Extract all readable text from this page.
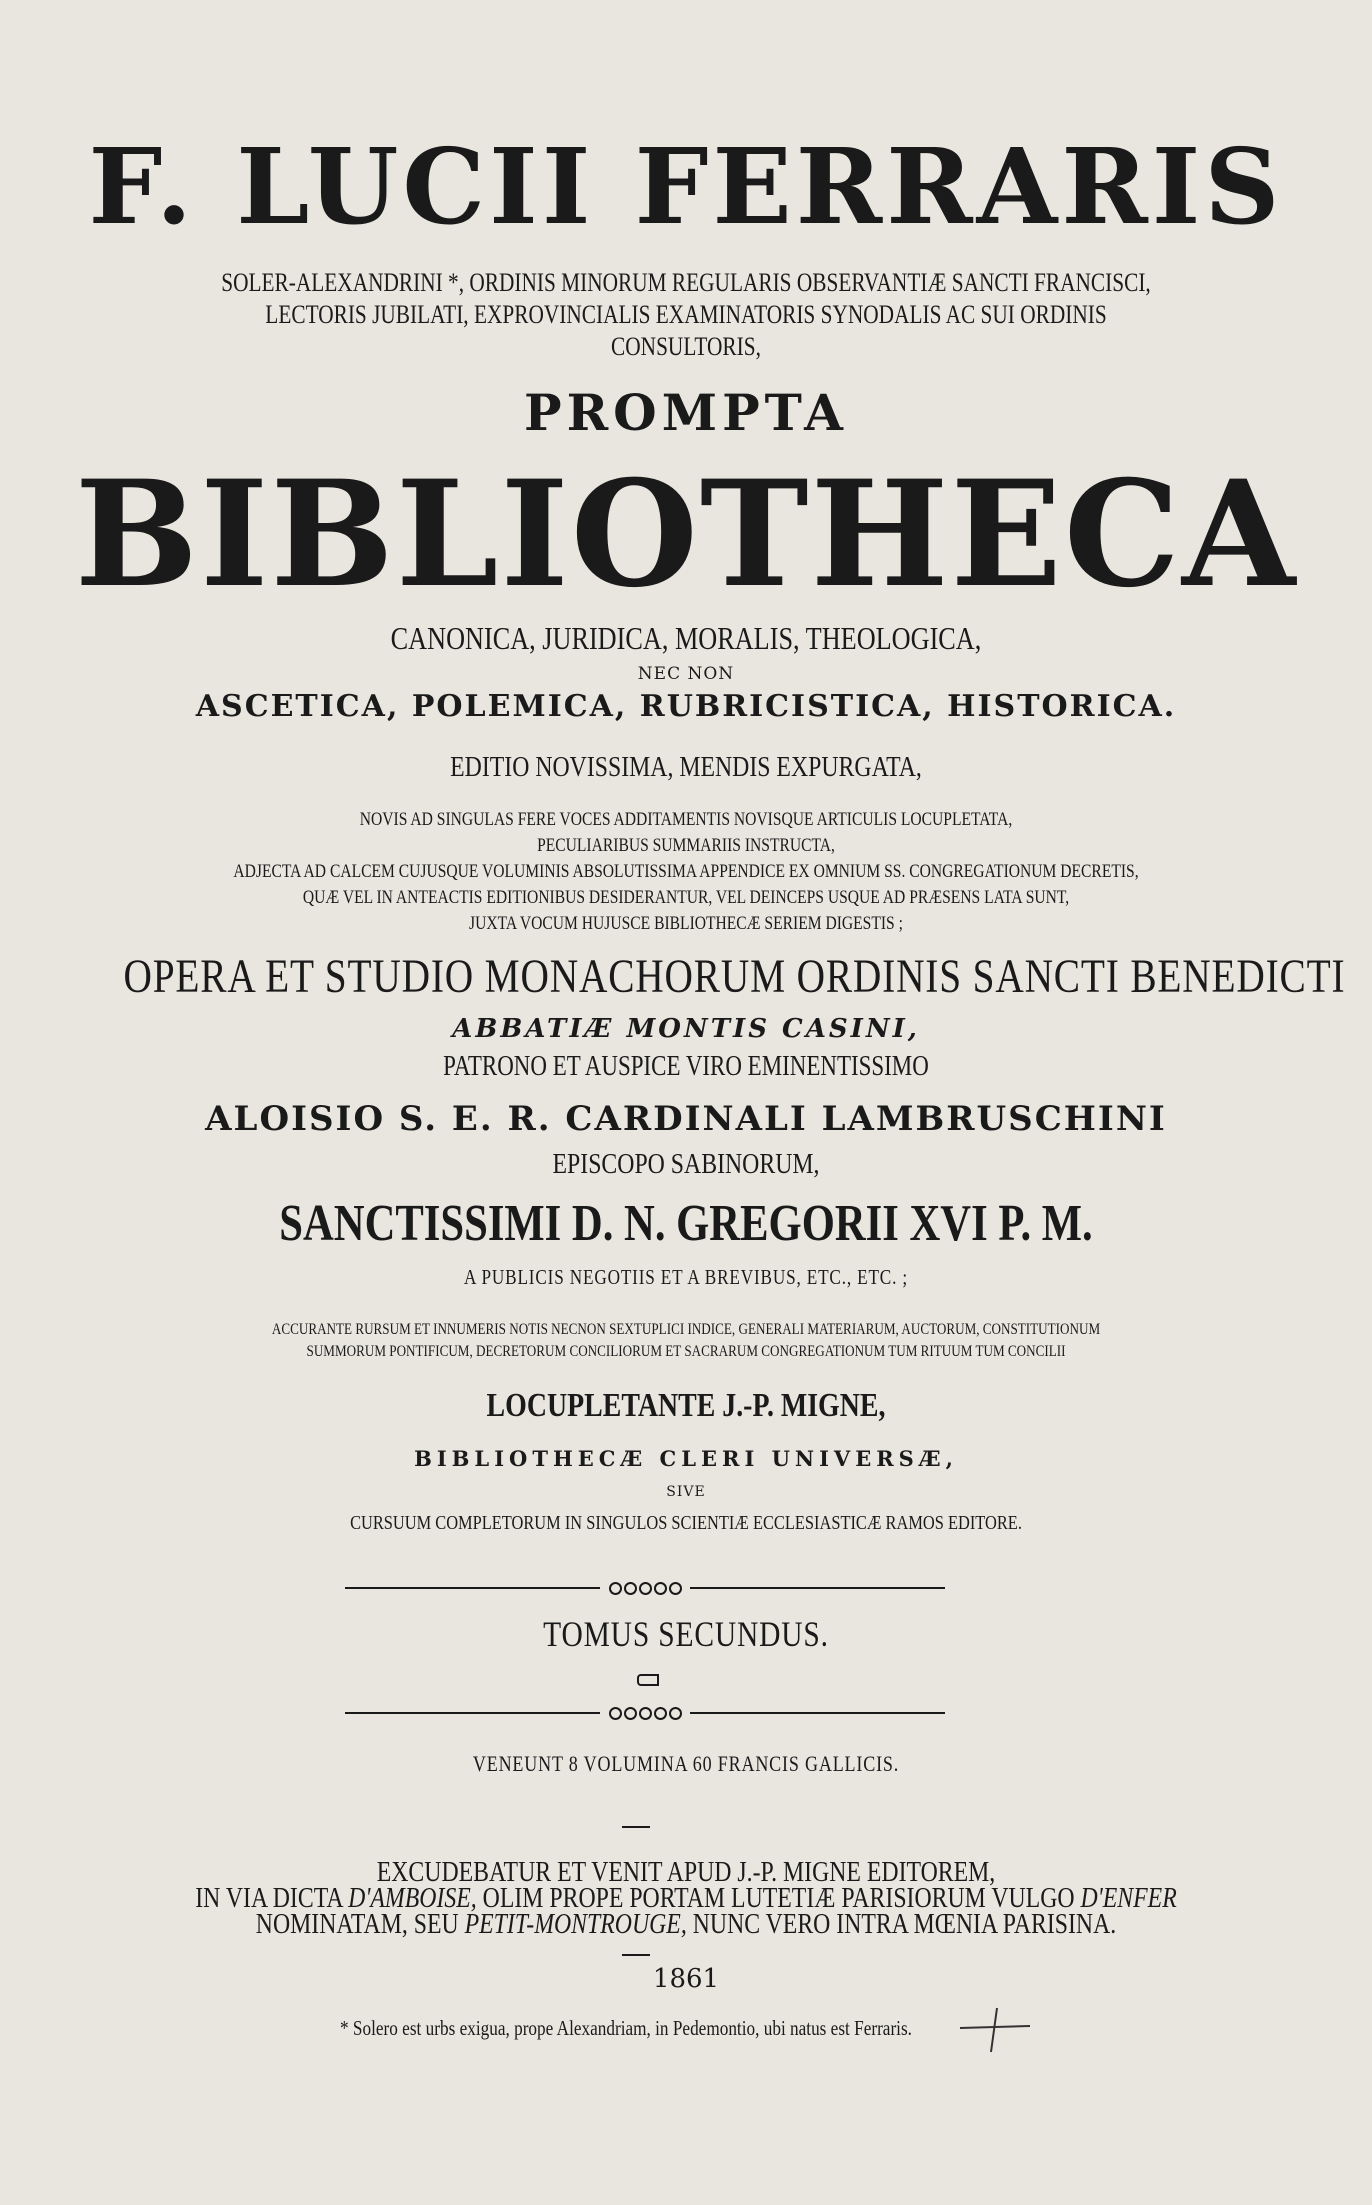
F. LUCII FERRARIS
SOLER-ALEXANDRINI *, ORDINIS MINORUM REGULARIS OBSERVANTIÆ SANCTI FRANCISCI,
LECTORIS JUBILATI, EXPROVINCIALIS EXAMINATORIS SYNODALIS AC SUI ORDINIS
CONSULTORIS,
PROMPTA
BIBLIOTHECA
CANONICA, JURIDICA, MORALIS, THEOLOGICA,
NEC NON
ASCETICA, POLEMICA, RUBRICISTICA, HISTORICA.
EDITIO NOVISSIMA, MENDIS EXPURGATA,
NOVIS AD SINGULAS FERE VOCES ADDITAMENTIS NOVISQUE ARTICULIS LOCUPLETATA,
PECULIARIBUS SUMMARIIS INSTRUCTA,
ADJECTA AD CALCEM CUJUSQUE VOLUMINIS ABSOLUTISSIMA APPENDICE EX OMNIUM SS. CONGREGATIONUM DECRETIS,
QUÆ VEL IN ANTEACTIS EDITIONIBUS DESIDERANTUR, VEL DEINCEPS USQUE AD PRÆSENS LATA SUNT,
JUXTA VOCUM HUJUSCE BIBLIOTHECÆ SERIEM DIGESTIS ;
OPERA ET STUDIO MONACHORUM ORDINIS SANCTI BENEDICTI
ABBATIÆ MONTIS CASINI,
PATRONO ET AUSPICE VIRO EMINENTISSIMO
ALOISIO S. E. R. CARDINALI LAMBRUSCHINI
EPISCOPO SABINORUM,
SANCTISSIMI D. N. GREGORII XVI P. M.
A PUBLICIS NEGOTIIS ET A BREVIBUS, ETC., ETC. ;
ACCURANTE RURSUM ET INNUMERIS NOTIS NECNON SEXTUPLICI INDICE, GENERALI MATERIARUM, AUCTORUM, CONSTITUTIONUM
SUMMORUM PONTIFICUM, DECRETORUM CONCILIORUM ET SACRARUM CONGREGATIONUM TUM RITUUM TUM CONCILII
LOCUPLETANTE J.-P. MIGNE,
BIBLIOTHECÆ CLERI UNIVERSÆ,
SIVE
CURSUUM COMPLETORUM IN SINGULOS SCIENTIÆ ECCLESIASTICÆ RAMOS EDITORE.
TOMUS SECUNDUS.
VENEUNT 8 VOLUMINA 60 FRANCIS GALLICIS.
EXCUDEBATUR ET VENIT APUD J.-P. MIGNE EDITOREM,
IN VIA DICTA D'AMBOISE, OLIM PROPE PORTAM LUTETIÆ PARISIORUM VULGO D'ENFER
NOMINATAM, SEU PETIT-MONTROUGE, NUNC VERO INTRA MŒNIA PARISINA.
1861
* Solero est urbs exigua, prope Alexandriam, in Pedemontio, ubi natus est Ferraris.
